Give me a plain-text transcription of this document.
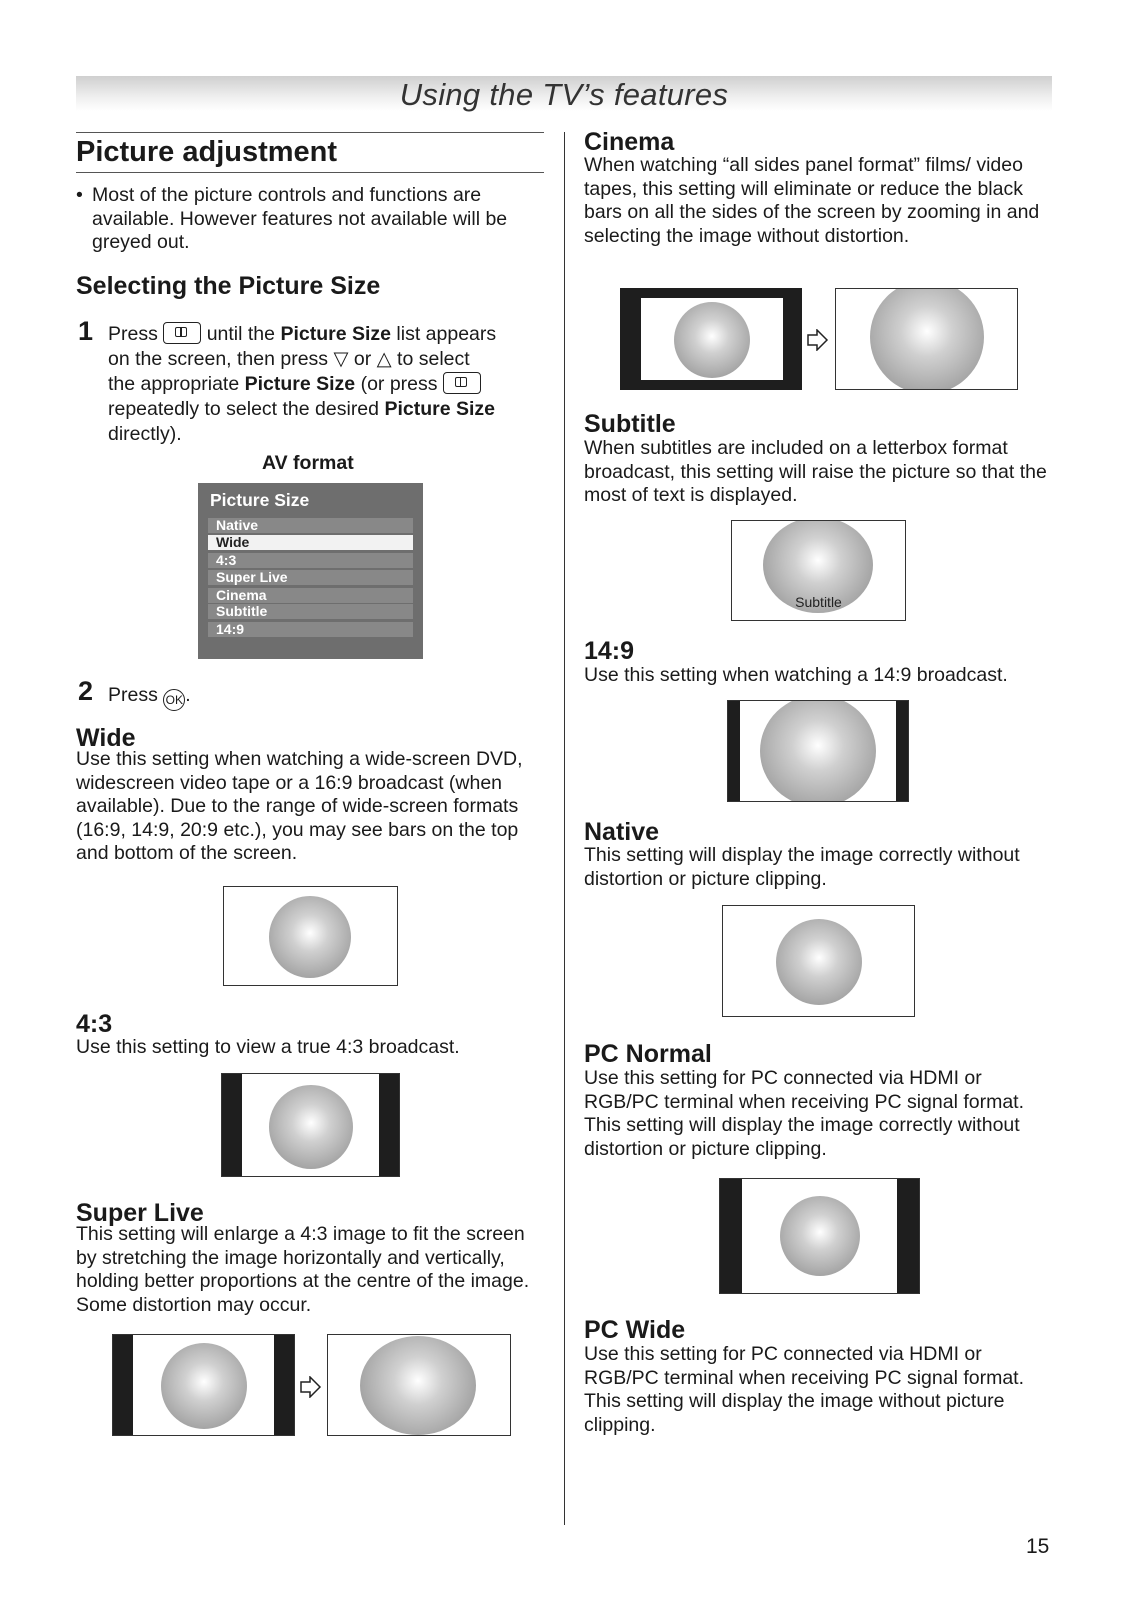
Using the TV’s features
Picture adjustment
• Most of the picture controls and functions are available. However features not available will be greyed out.
Selecting the Picture Size
1 Press	until the Picture Size list appears
on the screen, then press ▽ or △ to select
the appropriate Picture Size (or press
repeatedly to select the desired Picture Size
directly).
AV format
Picture Size
Native
Wide
4:3
Super Live
Cinema
Subtitle
14:9
2 Press OK .
Wide
Use this setting when watching a wide-screen DVD, widescreen video tape or a 16:9 broadcast (when available). Due to the range of wide-screen formats (16:9, 14:9, 20:9 etc.), you may see bars on the top and bottom of the screen.
4:3
Use this setting to view a true 4:3 broadcast.
Super Live
This setting will enlarge a 4:3 image to fit the screen by stretching the image horizontally and vertically, holding better proportions at the centre of the image. Some distortion may occur.
Cinema
When watching “all sides panel format” films/ video tapes, this setting will eliminate or reduce the black bars on all the sides of the screen by zooming in and selecting the image without distortion.
Subtitle
When subtitles are included on a letterbox format broadcast, this setting will raise the picture so that the most of text is displayed.
Subtitle
14:9
Use this setting when watching a 14:9 broadcast.
Native
This setting will display the image correctly without distortion or picture clipping.
PC Normal
Use this setting for PC connected via HDMI or RGB/PC terminal when receiving PC signal format. This setting will display the image correctly without distortion or picture clipping.
PC Wide
Use this setting for PC connected via HDMI or RGB/PC terminal when receiving PC signal format. This setting will display the image without picture clipping.
15
